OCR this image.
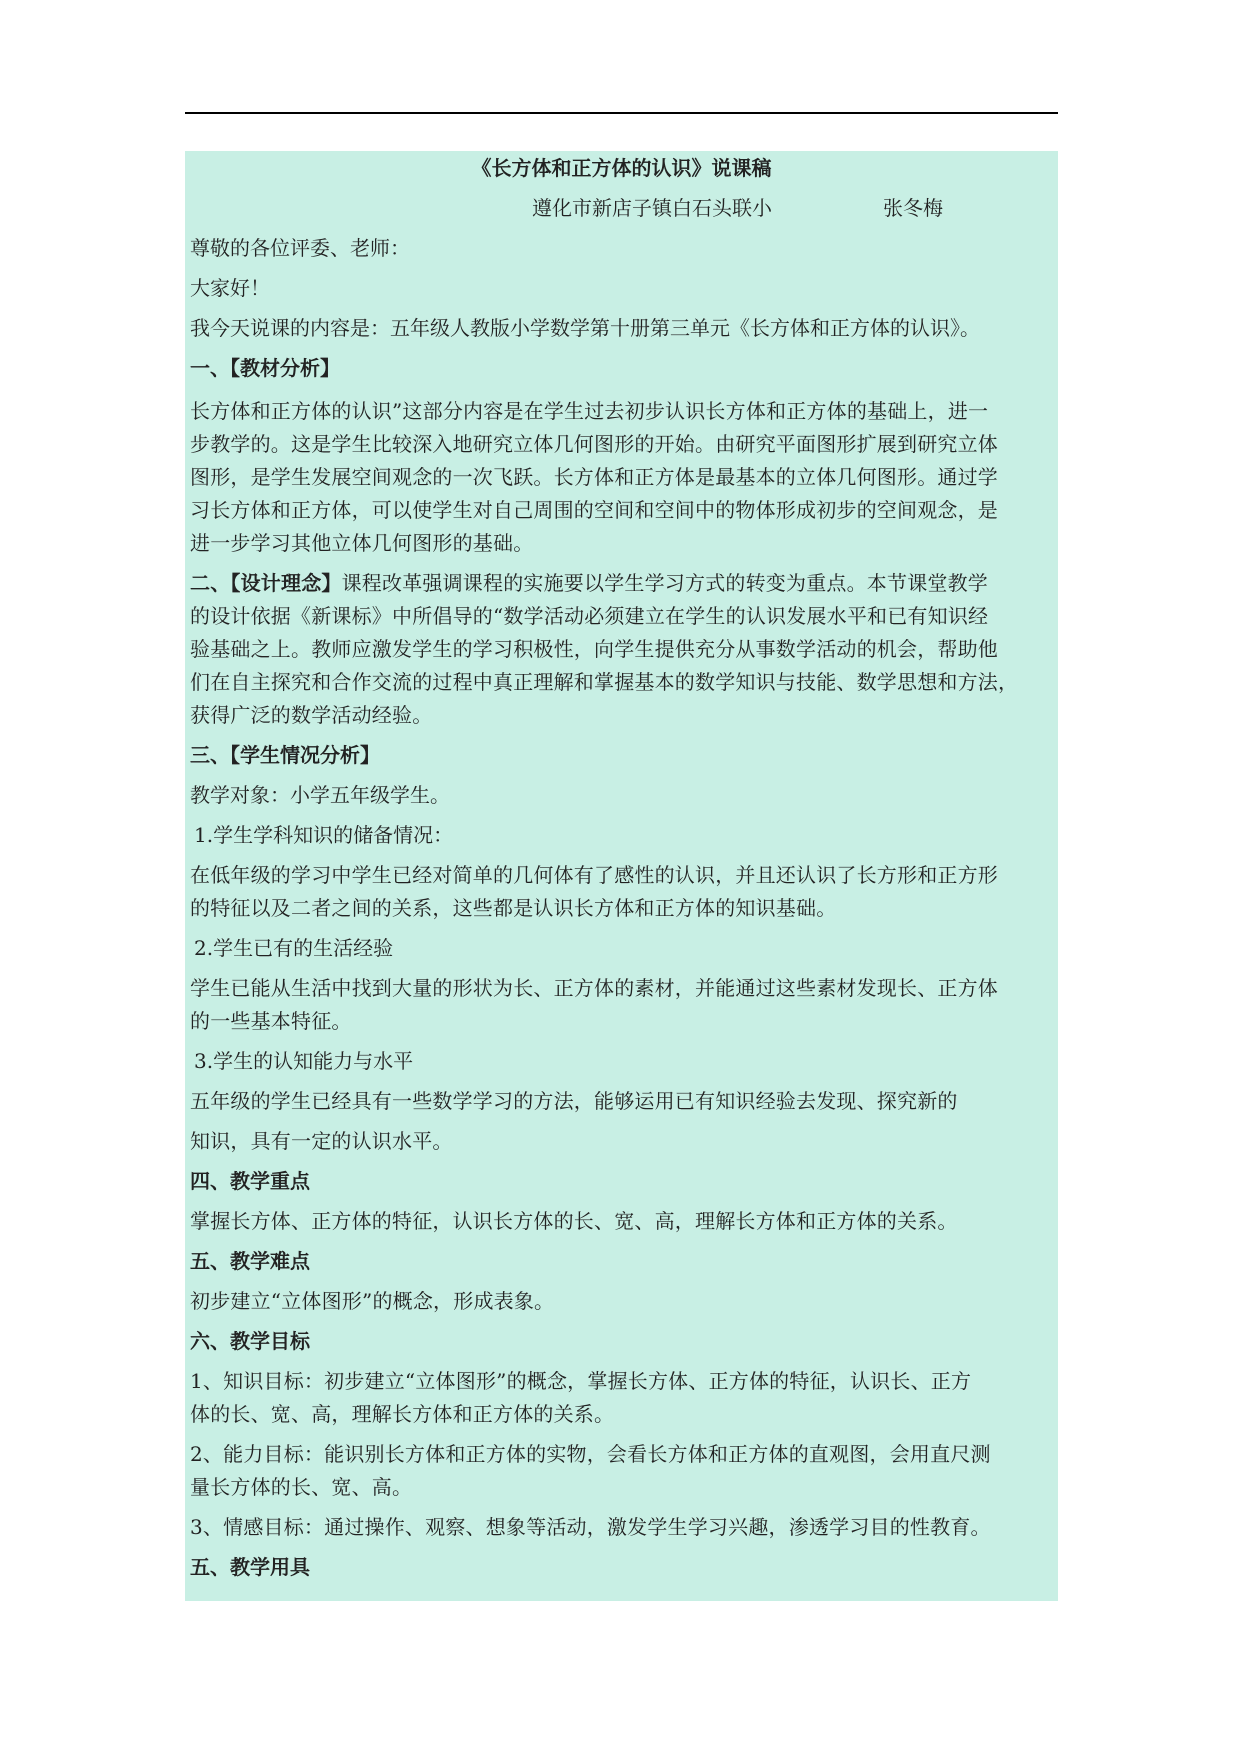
《长方体和正方体的认识》说课稿
遵化市新店子镇白石头联小	张冬梅
尊敬的各位评委、老师：
大家好！
我今天说课的内容是：五年级人教版小学数学第十册第三单元《长方体和正方体的认识》。
一、【教材分析】
长方体和正方体的认识”这部分内容是在学生过去初步认识长方体和正方体的基础上，进一
步教学的。这是学生比较深入地研究立体几何图形的开始。由研究平面图形扩展到研究立体
图形，是学生发展空间观念的一次飞跃。长方体和正方体是最基本的立体几何图形。通过学
习长方体和正方体，可以使学生对自己周围的空间和空间中的物体形成初步的空间观念，是
进一步学习其他立体几何图形的基础。
二、【设计理念】课程改革强调课程的实施要以学生学习方式的转变为重点。本节课堂教学
的设计依据《新课标》中所倡导的“数学活动必须建立在学生的认识发展水平和已有知识经
验基础之上。教师应激发学生的学习积极性，向学生提供充分从事数学活动的机会，帮助他
们在自主探究和合作交流的过程中真正理解和掌握基本的数学知识与技能、数学思想和方法，
获得广泛的数学活动经验。
三、【学生情况分析】
教学对象：小学五年级学生。
1.学生学科知识的储备情况：
在低年级的学习中学生已经对简单的几何体有了感性的认识，并且还认识了长方形和正方形
的特征以及二者之间的关系，这些都是认识长方体和正方体的知识基础。
2.学生已有的生活经验
学生已能从生活中找到大量的形状为长、正方体的素材，并能通过这些素材发现长、正方体
的一些基本特征。
3.学生的认知能力与水平
五年级的学生已经具有一些数学学习的方法，能够运用已有知识经验去发现、探究新的
知识，具有一定的认识水平。
四、教学重点
掌握长方体、正方体的特征，认识长方体的长、宽、高，理解长方体和正方体的关系。
五、教学难点
初步建立“立体图形”的概念，形成表象。
六、教学目标
1、知识目标：初步建立“立体图形”的概念，掌握长方体、正方体的特征，认识长、正方
体的长、宽、高，理解长方体和正方体的关系。
2、能力目标：能识别长方体和正方体的实物，会看长方体和正方体的直观图，会用直尺测
量长方体的长、宽、高。
3、情感目标：通过操作、观察、想象等活动，激发学生学习兴趣，渗透学习目的性教育。
五、教学用具
